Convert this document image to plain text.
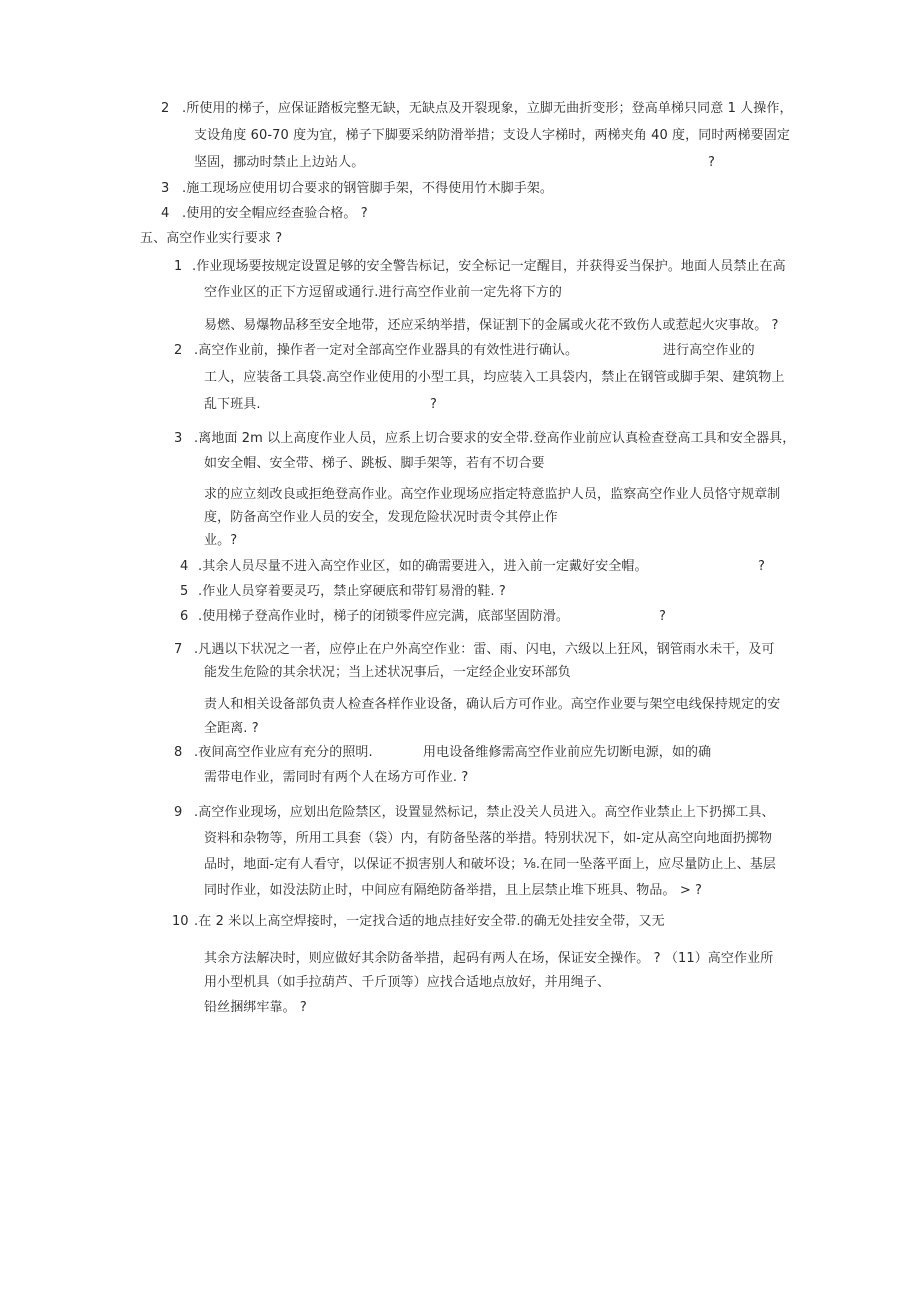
2 .所使用的梯子，应保证踏板完整无缺，无缺点及开裂现象，立脚无曲折变形；登高单梯只同意 1 人操作，
支设角度 60-70 度为宜，梯子下脚要采纳防滑举措；支设人字梯时，两梯夹角 40 度，同时两梯要固定
坚固，挪动时禁止上边站人。	?
3 .施工现场应使用切合要求的钢管脚手架，不得使用竹木脚手架。
4 .使用的安全帽应经查验合格。 ?
五、高空作业实行要求 ?
1 .作业现场要按规定设置足够的安全警告标记，安全标记一定醒目，并获得妥当保护。地面人员禁止在高
空作业区的正下方逗留或通行.进行高空作业前一定先将下方的
易燃、易爆物品移至安全地带，还应采纳举措，保证割下的金属或火花不致伤人或惹起火灾事故。 ?
2 .高空作业前，操作者一定对全部高空作业器具的有效性进行确认。	进行高空作业的
工人，应装备工具袋.高空作业使用的小型工具，均应装入工具袋内，禁止在钢管或脚手架、建筑物上
乱下班具.	?
3 .离地面 2m 以上高度作业人员，应系上切合要求的安全带.登高作业前应认真检查登高工具和安全器具，
如安全帽、安全带、梯子、跳板、脚手架等，若有不切合要
求的应立刻改良或拒绝登高作业。高空作业现场应指定特意监护人员，监察高空作业人员恪守规章制
度，防备高空作业人员的安全，发现危险状况时责令其停止作
业。?
4 .其余人员尽量不进入高空作业区，如的确需要进入，进入前一定戴好安全帽。	?
5 .作业人员穿着要灵巧，禁止穿硬底和带钉易滑的鞋. ?
6 .使用梯子登高作业时，梯子的闭锁零件应完满，底部坚固防滑。	?
7 .凡遇以下状况之一者，应停止在户外高空作业：雷、雨、闪电，六级以上狂风，钢管雨水未干，及可
能发生危险的其余状况；当上述状况事后，一定经企业安环部负
责人和相关设备部负责人检查各样作业设备，确认后方可作业。高空作业要与架空电线保持规定的安
全距离. ?
8 .夜间高空作业应有充分的照明.	用电设备维修需高空作业前应先切断电源，如的确
需带电作业，需同时有两个人在场方可作业. ?
9 .高空作业现场，应划出危险禁区，设置显然标记，禁止没关人员进入。高空作业禁止上下扔掷工具、
资料和杂物等，所用工具套（袋）内，有防备坠落的举措。特别状况下，如-定从高空向地面扔掷物
品时，地面-定有人看守，以保证不损害别人和破坏设；⅛.在同一坠落平面上，应尽量防止上、基层
同时作业，如没法防止时，中间应有隔绝防备举措，且上层禁止堆下班具、物品。 > ?
10 .在 2 米以上高空焊接时，一定找合适的地点挂好安全带.的确无处挂安全带，又无
其余方法解决时，则应做好其余防备举措，起码有两人在场，保证安全操作。 ? （11）高空作业所
用小型机具（如手拉葫芦、千斤顶等）应找合适地点放好，并用绳子、
铅丝捆绑牢靠。 ?
